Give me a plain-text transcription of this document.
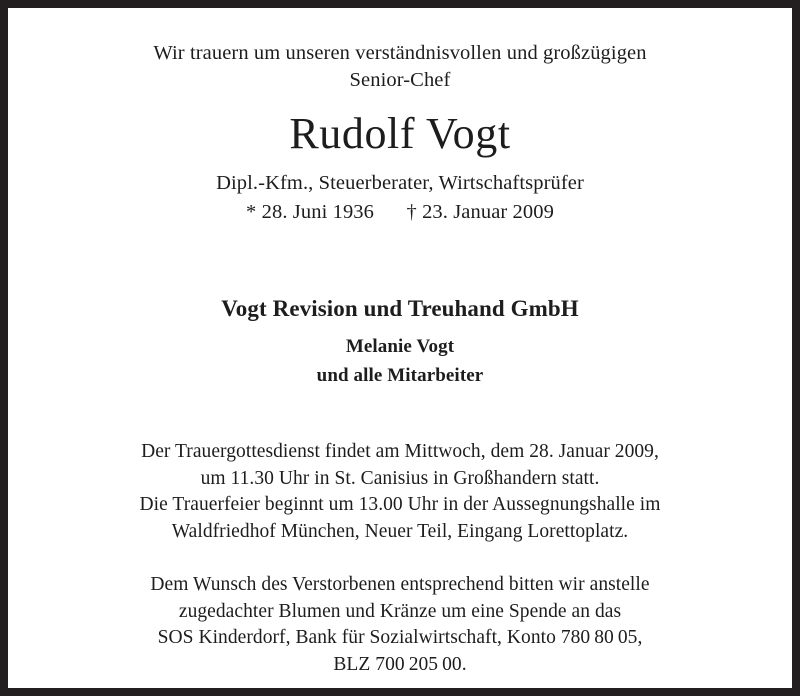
Wir trauern um unseren verständnisvollen und großzügigen
Senior-Chef
Rudolf Vogt
Dipl.-Kfm., Steuerberater, Wirtschaftsprüfer
* 28. Juni 1936 † 23. Januar 2009
Vogt Revision und Treuhand GmbH
Melanie Vogt
und alle Mitarbeiter
Der Trauergottesdienst findet am Mittwoch, dem 28. Januar 2009,
um 11.30 Uhr in St. Canisius in Großhandern statt.
Die Trauerfeier beginnt um 13.00 Uhr in der Aussegnungshalle im
Waldfriedhof München, Neuer Teil, Eingang Lorettoplatz.
Dem Wunsch des Verstorbenen entsprechend bitten wir anstelle
zugedachter Blumen und Kränze um eine Spende an das
SOS Kinderdorf, Bank für Sozialwirtschaft, Konto 780 80 05,
BLZ 700 205 00.
